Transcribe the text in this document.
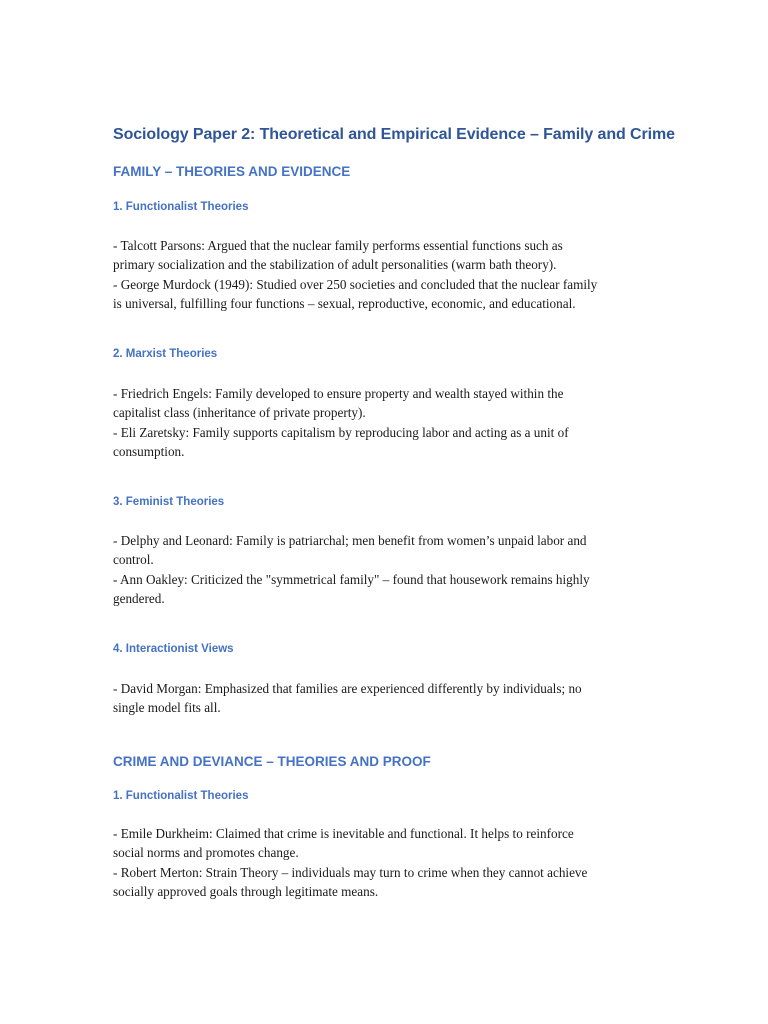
Sociology Paper 2: Theoretical and Empirical Evidence – Family and Crime
FAMILY – THEORIES AND EVIDENCE
1. Functionalist Theories
- Talcott Parsons: Argued that the nuclear family performs essential functions such as
primary socialization and the stabilization of adult personalities (warm bath theory).
- George Murdock (1949): Studied over 250 societies and concluded that the nuclear family
is universal, fulfilling four functions – sexual, reproductive, economic, and educational.
2. Marxist Theories
- Friedrich Engels: Family developed to ensure property and wealth stayed within the
capitalist class (inheritance of private property).
- Eli Zaretsky: Family supports capitalism by reproducing labor and acting as a unit of
consumption.
3. Feminist Theories
- Delphy and Leonard: Family is patriarchal; men benefit from women’s unpaid labor and
control.
- Ann Oakley: Criticized the "symmetrical family" – found that housework remains highly
gendered.
4. Interactionist Views
- David Morgan: Emphasized that families are experienced differently by individuals; no
single model fits all.
CRIME AND DEVIANCE – THEORIES AND PROOF
1. Functionalist Theories
- Emile Durkheim: Claimed that crime is inevitable and functional. It helps to reinforce
social norms and promotes change.
- Robert Merton: Strain Theory – individuals may turn to crime when they cannot achieve
socially approved goals through legitimate means.
